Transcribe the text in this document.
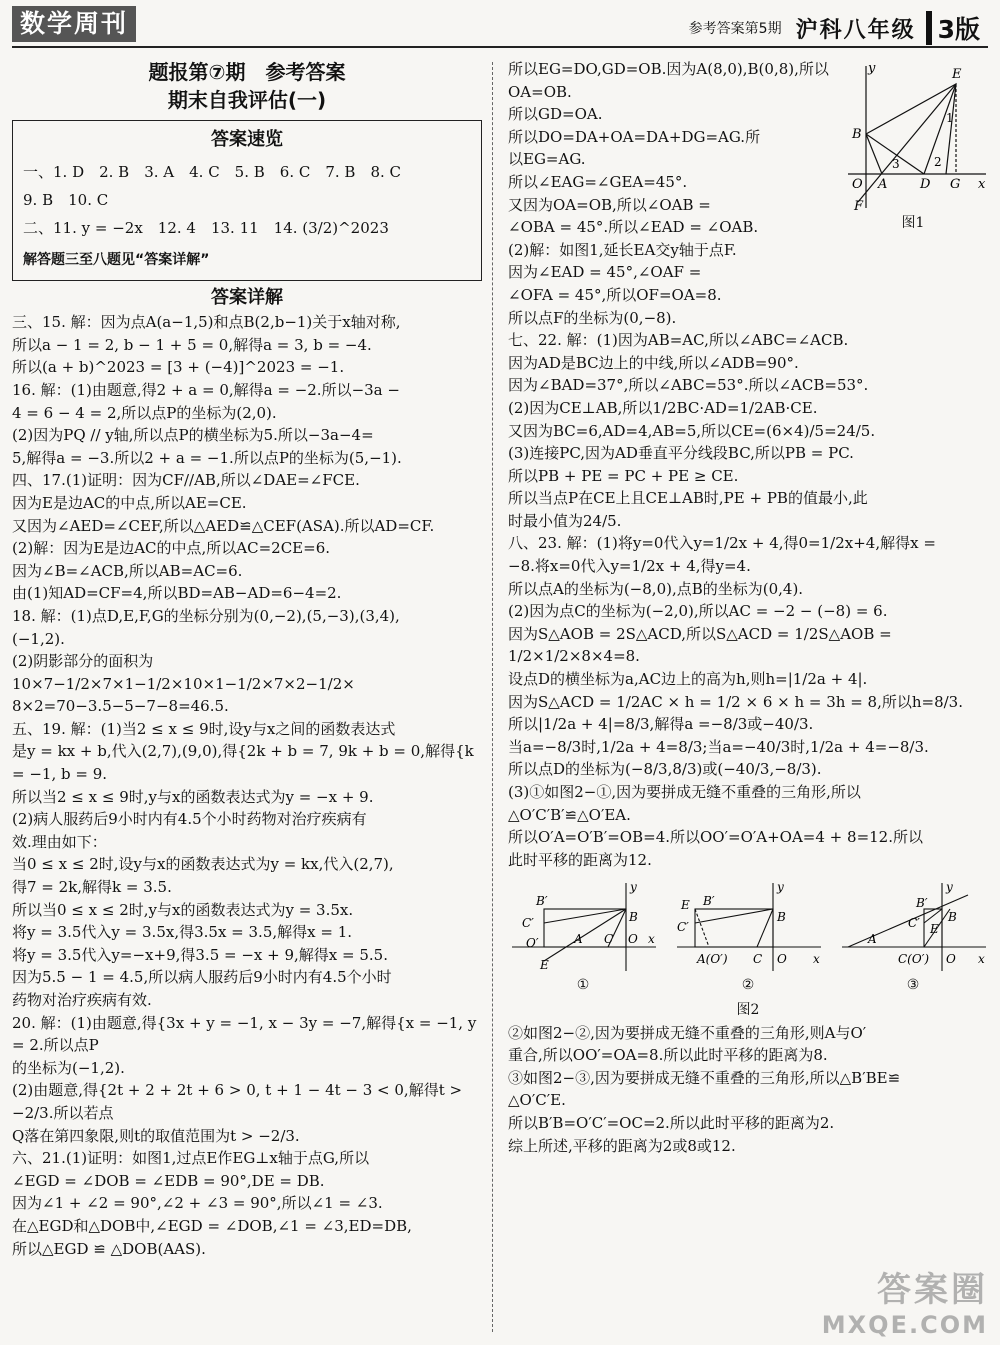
数学周刊	参考答案第5期 沪科八年级 3版

题报第⑦期　参考答案

期末自我评估(一)

答案速览

一、1. D　2. B　3. A　4. C　5. B　6. C　7. B　8. C

9. B　10. C

二、11. y = −2x　12. 4　13. 11　14. (3/2)^2023

解答题三至八题见“答案详解”

答案详解

三、15. 解：因为点A(a−1,5)和点B(2,b−1)关于x轴对称,

所以a − 1 = 2, b − 1 + 5 = 0,解得a = 3, b = −4.

所以(a + b)^2023 = [3 + (−4)]^2023 = −1.

16. 解：(1)由题意,得2 + a = 0,解得a = −2.所以−3a −

4 = 6 − 4 = 2,所以点P的坐标为(2,0).

(2)因为PQ // y轴,所以点P的横坐标为5.所以−3a−4=

5,解得a = −3.所以2 + a = −1.所以点P的坐标为(5,−1).

四、17.(1)证明：因为CF//AB,所以∠DAE=∠FCE.

因为E是边AC的中点,所以AE=CE.

又因为∠AED=∠CEF,所以△AED≌△CEF(ASA).所以AD=CF.

(2)解：因为E是边AC的中点,所以AC=2CE=6.

因为∠B=∠ACB,所以AB=AC=6.

由(1)知AD=CF=4,所以BD=AB−AD=6−4=2.

18. 解：(1)点D,E,F,G的坐标分别为(0,−2),(5,−3),(3,4),

(−1,2).

(2)阴影部分的面积为10×7−1/2×7×1−1/2×10×1−1/2×7×2−1/2×

8×2=70−3.5−5−7−8=46.5.

五、19. 解：(1)当2 ≤ x ≤ 9时,设y与x之间的函数表达式

是y = kx + b,代入(2,7),(9,0),得{2k + b = 7, 9k + b = 0,解得{k = −1, b = 9.

所以当2 ≤ x ≤ 9时,y与x的函数表达式为y = −x + 9.

(2)病人服药后9小时内有4.5个小时药物对治疗疾病有

效.理由如下：

当0 ≤ x ≤ 2时,设y与x的函数表达式为y = kx,代入(2,7),

得7 = 2k,解得k = 3.5.

所以当0 ≤ x ≤ 2时,y与x的函数表达式为y = 3.5x.

将y = 3.5代入y = 3.5x,得3.5x = 3.5,解得x = 1.

将y = 3.5代入y=−x+9,得3.5 = −x + 9,解得x = 5.5.

因为5.5 − 1 = 4.5,所以病人服药后9小时内有4.5个小时

药物对治疗疾病有效.

20. 解：(1)由题意,得{3x + y = −1, x − 3y = −7,解得{x = −1, y = 2.所以点P

的坐标为(−1,2).

(2)由题意,得{2t + 2 + 2t + 6 > 0, t + 1 − 4t − 3 < 0,解得t > −2/3.所以若点

Q落在第四象限,则t的取值范围为t > −2/3.

六、21.(1)证明：如图1,过点E作EG⊥x轴于点G,所以

∠EGD = ∠DOB = ∠EDB = 90°,DE = DB.

因为∠1 + ∠2 = 90°,∠2 + ∠3 = 90°,所以∠1 = ∠3.

在△EGD和△DOB中,∠EGD = ∠DOB,∠1 = ∠3,ED=DB,

所以△EGD ≌ △DOB(AAS).

y
x
E
B
O A	D G
F
1
2
3
图1

所以EG=DO,GD=OB.因为A(8,0),B(0,8),所以OA=OB.

所以GD=OA.

所以DO=DA+OA=DA+DG=AG.所

以EG=AG.

所以∠EAG=∠GEA=45°.

又因为OA=OB,所以∠OAB =

∠OBA = 45°.所以∠EAD = ∠OAB.

(2)解：如图1,延长EA交y轴于点F.

因为∠EAD = 45°,∠OAF =

∠OFA = 45°,所以OF=OA=8.

所以点F的坐标为(0,−8).

七、22. 解：(1)因为AB=AC,所以∠ABC=∠ACB.

因为AD是BC边上的中线,所以∠ADB=90°.

因为∠BAD=37°,所以∠ABC=53°.所以∠ACB=53°.

(2)因为CE⊥AB,所以1/2BC·AD=1/2AB·CE.

又因为BC=6,AD=4,AB=5,所以CE=(6×4)/5=24/5.

(3)连接PC,因为AD垂直平分线段BC,所以PB = PC.

所以PB + PE = PC + PE ≥ CE.

所以当点P在CE上且CE⊥AB时,PE + PB的值最小,此

时最小值为24/5.

八、23. 解：(1)将y=0代入y=1/2x + 4,得0=1/2x+4,解得x =

−8.将x=0代入y=1/2x + 4,得y=4.

所以点A的坐标为(−8,0),点B的坐标为(0,4).

(2)因为点C的坐标为(−2,0),所以AC = −2 − (−8) = 6.

因为S△AOB = 2S△ACD,所以S△ACD = 1/2S△AOB = 1/2×1/2×8×4=8.

设点D的横坐标为a,AC边上的高为h,则h=|1/2a + 4|.

因为S△ACD = 1/2AC × h = 1/2 × 6 × h = 3h = 8,所以h=8/3.

所以|1/2a + 4|=8/3,解得a =−8/3或−40/3.

当a=−8/3时,1/2a + 4=8/3;当a=−40/3时,1/2a + 4=−8/3.

所以点D的坐标为(−8/3,8/3)或(−40/3,−8/3).

(3)①如图2−①,因为要拼成无缝不重叠的三角形,所以

△O′C′B′≌△O′EA.

所以O′A=O′B′=OB=4.所以OO′=O′A+OA=4 + 8=12.所以

此时平移的距离为12.

y
B′
B
C′
O′	A C O x
E
①
y
E B′
B
C′
A(O′) C O x
②
y
B′
B
C′ E
A
C(O′) O x
③
图2

②如图2−②,因为要拼成无缝不重叠的三角形,则A与O′

重合,所以OO′=OA=8.所以此时平移的距离为8.

③如图2−③,因为要拼成无缝不重叠的三角形,所以△B′BE≌

△O′C′E.

所以B′B=O′C′=OC=2.所以此时平移的距离为2.

综上所述,平移的距离为2或8或12.

答案圈
MXQE.COM
